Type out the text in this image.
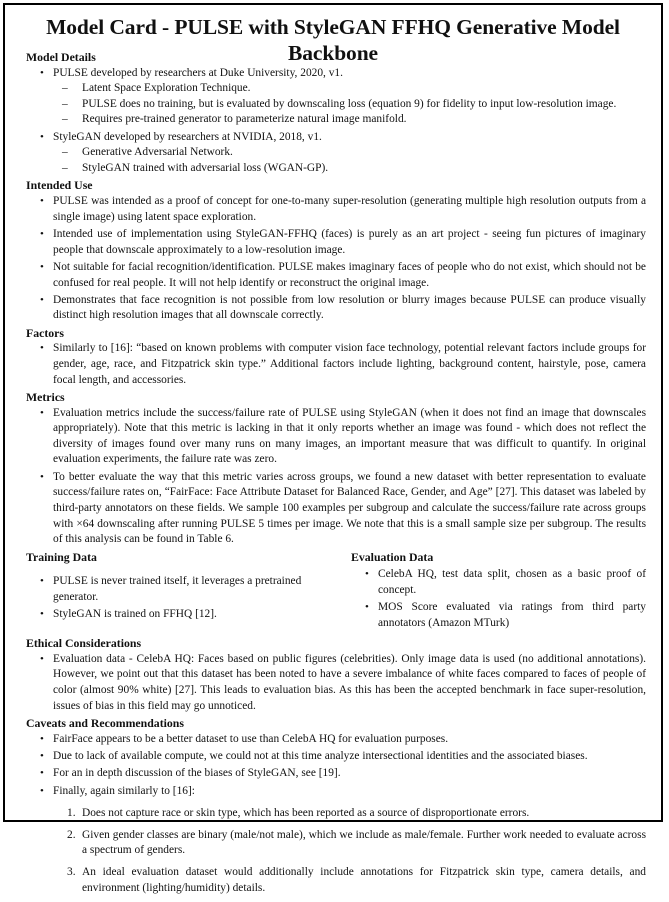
Model Card - PULSE with StyleGAN FFHQ Generative Model Backbone

Model Details

• PULSE developed by researchers at Duke University, 2020, v1.
– Latent Space Exploration Technique.
– PULSE does no training, but is evaluated by downscaling loss (equation 9) for fidelity to input low-resolution image.
– Requires pre-trained generator to parameterize natural image manifold.
• StyleGAN developed by researchers at NVIDIA, 2018, v1.
– Generative Adversarial Network.
– StyleGAN trained with adversarial loss (WGAN-GP).

Intended Use

• PULSE was intended as a proof of concept for one-to-many super-resolution (generating multiple high resolution outputs from a single image) using latent space exploration.
• Intended use of implementation using StyleGAN-FFHQ (faces) is purely as an art project - seeing fun pictures of imaginary people that downscale approximately to a low-resolution image.
• Not suitable for facial recognition/identification. PULSE makes imaginary faces of people who do not exist, which should not be confused for real people. It will not help identify or reconstruct the original image.
• Demonstrates that face recognition is not possible from low resolution or blurry images because PULSE can produce visually distinct high resolution images that all downscale correctly.

Factors

• Similarly to [16]: “based on known problems with computer vision face technology, potential relevant factors include groups for gender, age, race, and Fitzpatrick skin type.” Additional factors include lighting, background content, hairstyle, pose, camera focal length, and accessories.

Metrics

• Evaluation metrics include the success/failure rate of PULSE using StyleGAN (when it does not find an image that downscales appropriately). Note that this metric is lacking in that it only reports whether an image was found - which does not reflect the diversity of images found over many runs on many images, an important measure that was difficult to quantify. In original evaluation experiments, the failure rate was zero.
• To better evaluate the way that this metric varies across groups, we found a new dataset with better representation to evaluate success/failure rates on, “FairFace: Face Attribute Dataset for Balanced Race, Gender, and Age” [27]. This dataset was labeled by third-party annotators on these fields. We sample 100 examples per subgroup and calculate the success/failure rate across groups with ×64 downscaling after running PULSE 5 times per image. We note that this is a small sample size per subgroup. The results of this analysis can be found in Table 6.

Training Data

• PULSE is never trained itself, it leverages a pretrained generator.
• StyleGAN is trained on FFHQ [12].

Evaluation Data

• CelebA HQ, test data split, chosen as a basic proof of concept.
• MOS Score evaluated via ratings from third party annotators (Amazon MTurk)

Ethical Considerations

• Evaluation data - CelebA HQ: Faces based on public figures (celebrities). Only image data is used (no additional annotations). However, we point out that this dataset has been noted to have a severe imbalance of white faces compared to faces of people of color (almost 90% white) [27]. This leads to evaluation bias. As this has been the accepted benchmark in face super-resolution, issues of bias in this field may go unnoticed.

Caveats and Recommendations

• FairFace appears to be a better dataset to use than CelebA HQ for evaluation purposes.
• Due to lack of available compute, we could not at this time analyze intersectional identities and the associated biases.
• For an in depth discussion of the biases of StyleGAN, see [19].
• Finally, again similarly to [16]:
1. Does not capture race or skin type, which has been reported as a source of disproportionate errors.
2. Given gender classes are binary (male/not male), which we include as male/female. Further work needed to evaluate across a spectrum of genders.
3. An ideal evaluation dataset would additionally include annotations for Fitzpatrick skin type, camera details, and environment (lighting/humidity) details.
